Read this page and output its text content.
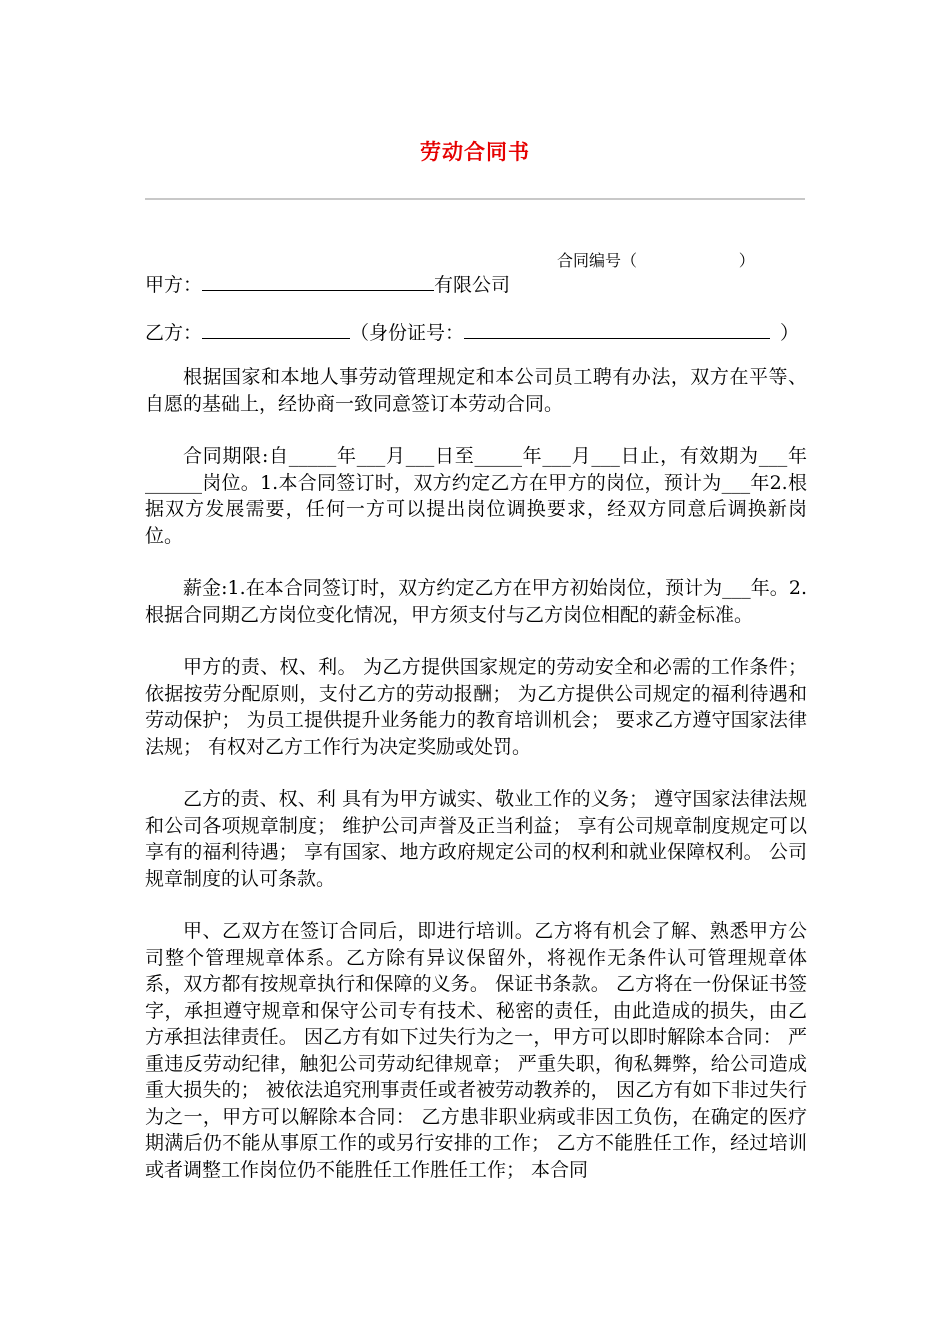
劳动合同书
合同编号（                    ）
甲方：	有限公司
乙方：	（身份证号：	）

根据国家和本地人事劳动管理规定和本公司员工聘有办法，双方在平等、自愿的基础上，经协商一致同意签订本劳动合同。

合同期限:自_____年___月___日至_____年___月___日止，有效期为___年______岗位。1.本合同签订时，双方约定乙方在甲方的岗位，预计为___年2.根据双方发展需要，任何一方可以提出岗位调换要求，经双方同意后调换新岗位。

薪金:1.在本合同签订时，双方约定乙方在甲方初始岗位，预计为___年。2.根据合同期乙方岗位变化情况，甲方须支付与乙方岗位相配的薪金标准。

甲方的责、权、利。 为乙方提供国家规定的劳动安全和必需的工作条件； 依据按劳分配原则，支付乙方的劳动报酬； 为乙方提供公司规定的福利待遇和劳动保护； 为员工提供提升业务能力的教育培训机会； 要求乙方遵守国家法律法规； 有权对乙方工作行为决定奖励或处罚。

乙方的责、权、利 具有为甲方诚实、敬业工作的义务； 遵守国家法律法规和公司各项规章制度； 维护公司声誉及正当利益； 享有公司规章制度规定可以享有的福利待遇； 享有国家、地方政府规定公司的权利和就业保障权利。 公司规章制度的认可条款。

甲、乙双方在签订合同后，即进行培训。乙方将有机会了解、熟悉甲方公司整个管理规章体系。乙方除有异议保留外，将视作无条件认可管理规章体系，双方都有按规章执行和保障的义务。 保证书条款。 乙方将在一份保证书签字，承担遵守规章和保守公司专有技术、秘密的责任，由此造成的损失，由乙方承担法律责任。 因乙方有如下过失行为之一，甲方可以即时解除本合同： 严重违反劳动纪律，触犯公司劳动纪律规章； 严重失职，徇私舞弊，给公司造成重大损失的； 被依法追究刑事责任或者被劳动教养的， 因乙方有如下非过失行为之一，甲方可以解除本合同： 乙方患非职业病或非因工负伤，在确定的医疗期满后仍不能从事原工作的或另行安排的工作； 乙方不能胜任工作，经过培训或者调整工作岗位仍不能胜任工作胜任工作； 本合同
